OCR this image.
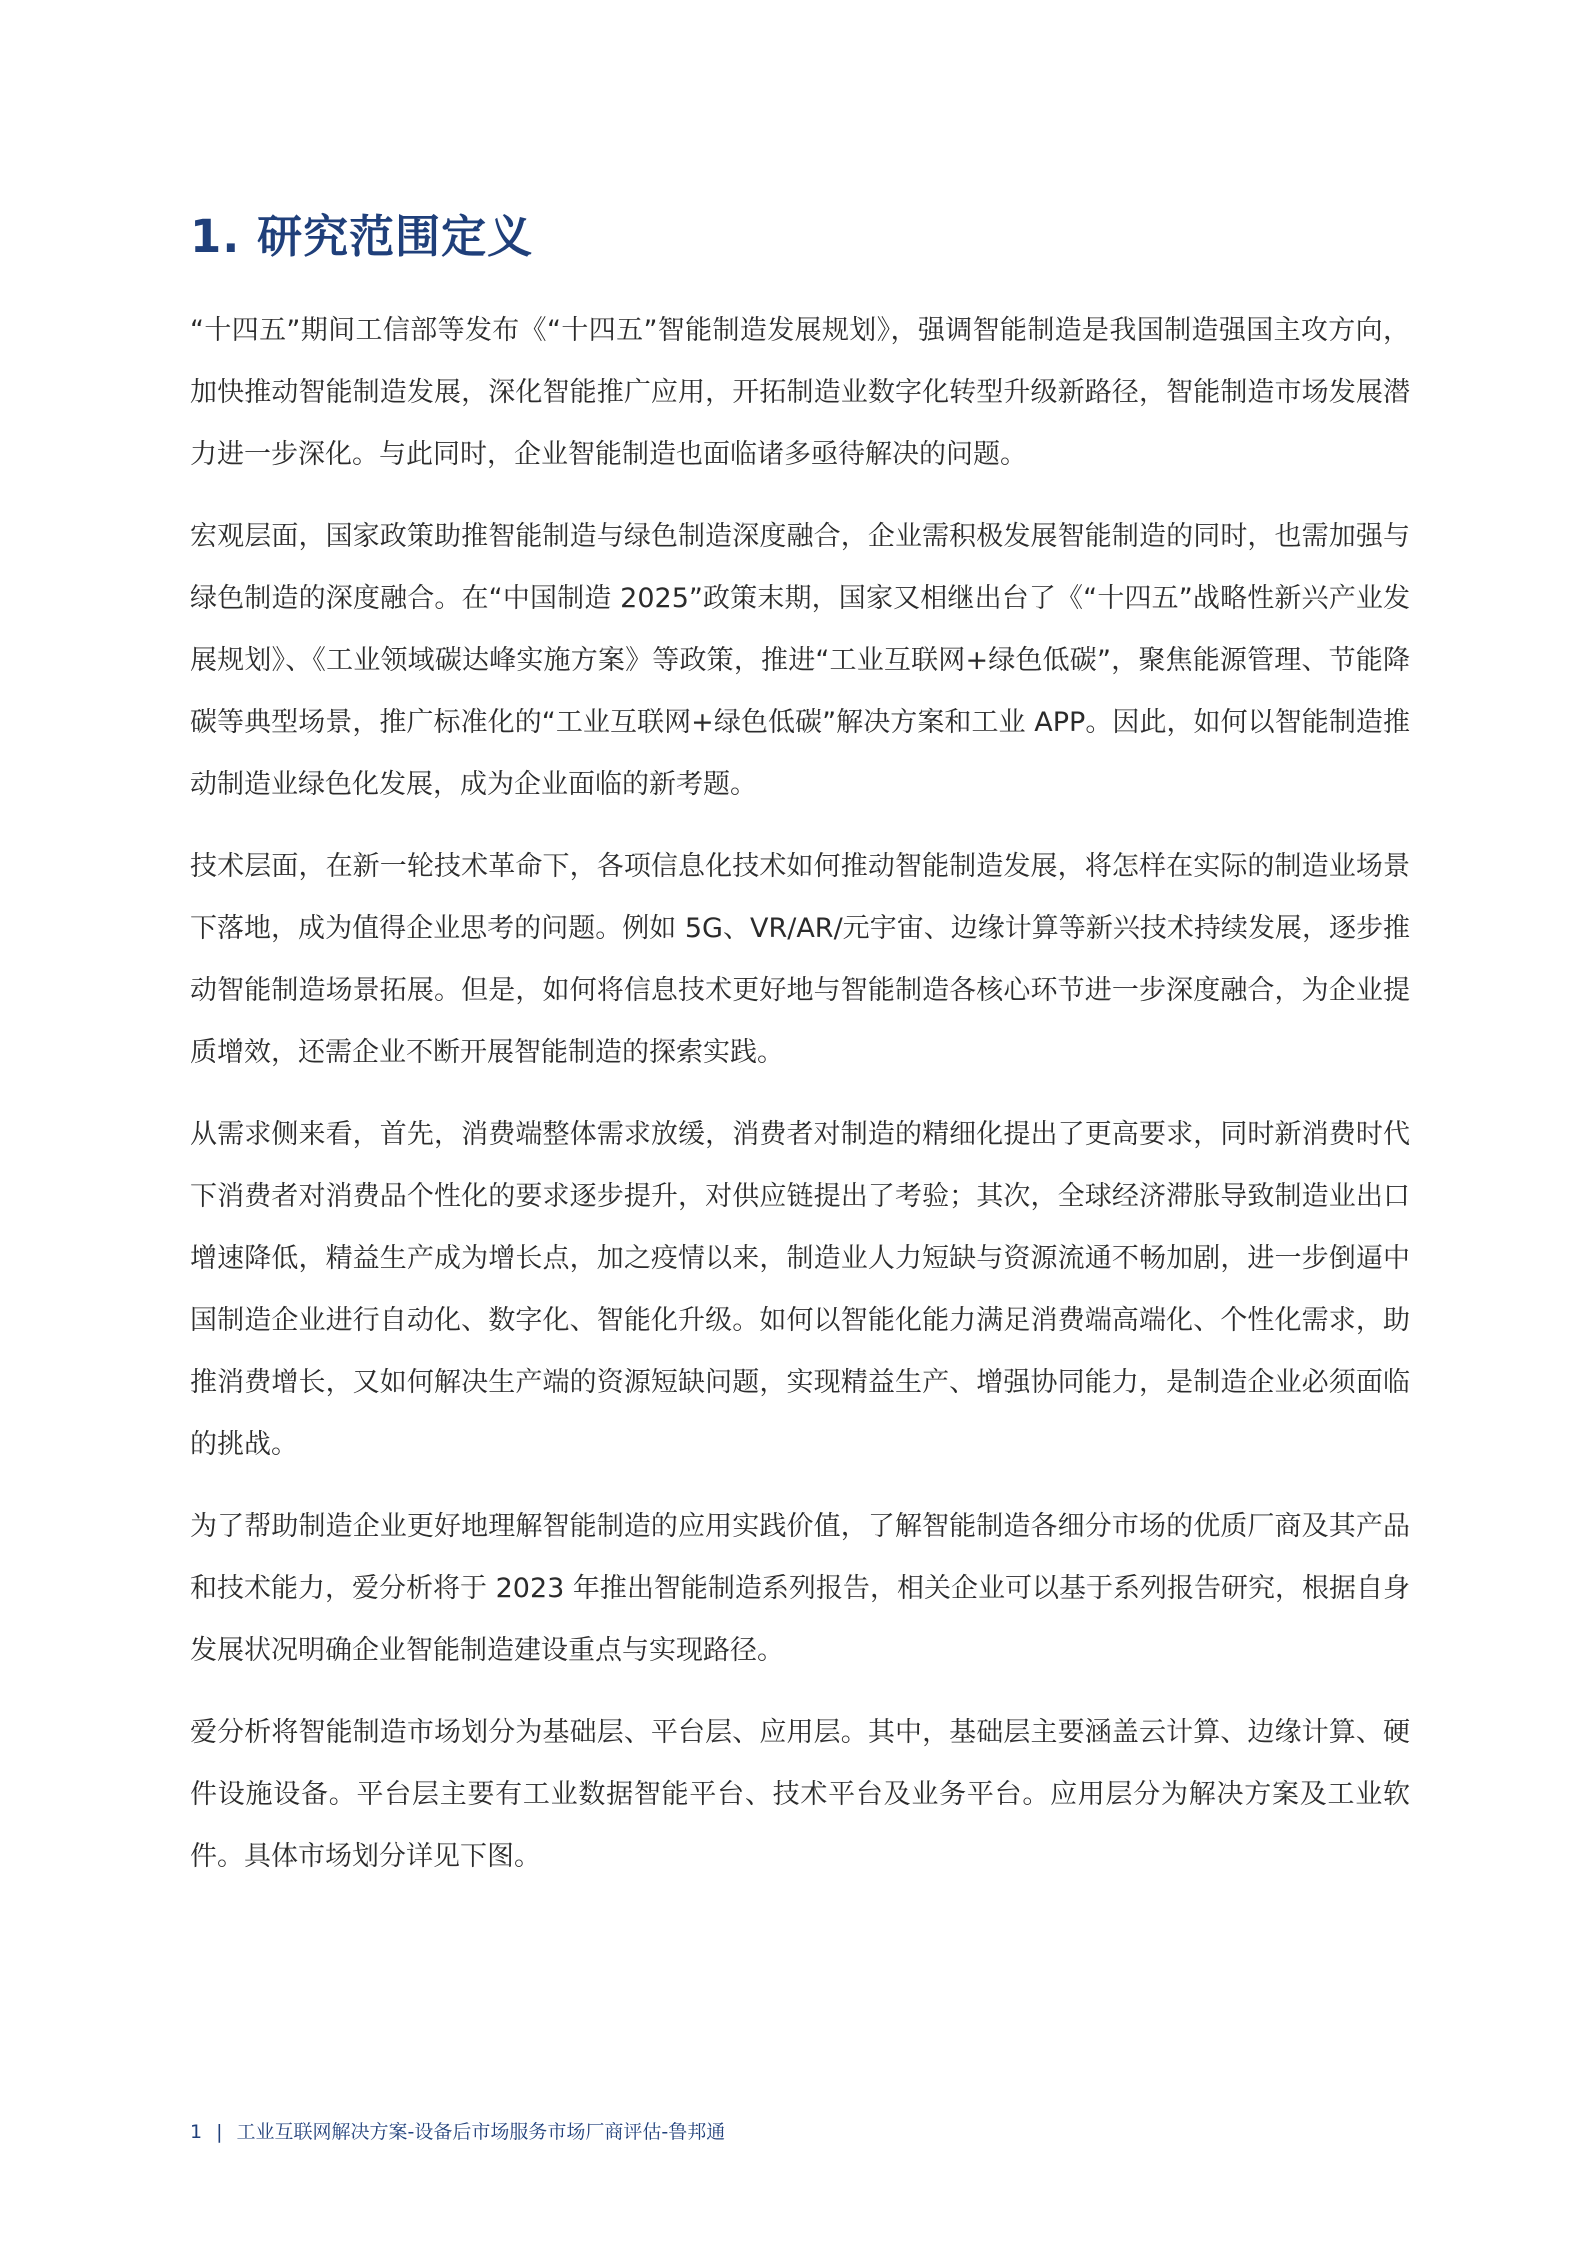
1. 研究范围定义

“十四五”期间工信部等发布《“十四五”智能制造发展规划》，强调智能制造是我国制造强国主攻方向，加快推动智能制造发展，深化智能推广应用，开拓制造业数字化转型升级新路径，智能制造市场发展潜力进一步深化。与此同时，企业智能制造也面临诸多亟待解决的问题。

宏观层面，国家政策助推智能制造与绿色制造深度融合，企业需积极发展智能制造的同时，也需加强与绿色制造的深度融合。在“中国制造 2025”政策末期，国家又相继出台了《“十四五”战略性新兴产业发展规划》、《工业领域碳达峰实施方案》等政策，推进“工业互联网+绿色低碳”，聚焦能源管理、节能降碳等典型场景，推广标准化的“工业互联网+绿色低碳”解决方案和工业 APP。因此，如何以智能制造推动制造业绿色化发展，成为企业面临的新考题。

技术层面，在新一轮技术革命下，各项信息化技术如何推动智能制造发展，将怎样在实际的制造业场景下落地，成为值得企业思考的问题。例如 5G、VR/AR/元宇宙、边缘计算等新兴技术持续发展，逐步推动智能制造场景拓展。但是，如何将信息技术更好地与智能制造各核心环节进一步深度融合，为企业提质增效，还需企业不断开展智能制造的探索实践。

从需求侧来看，首先，消费端整体需求放缓，消费者对制造的精细化提出了更高要求，同时新消费时代下消费者对消费品个性化的要求逐步提升，对供应链提出了考验；其次，全球经济滞胀导致制造业出口增速降低，精益生产成为增长点，加之疫情以来，制造业人力短缺与资源流通不畅加剧，进一步倒逼中国制造企业进行自动化、数字化、智能化升级。如何以智能化能力满足消费端高端化、个性化需求，助推消费增长，又如何解决生产端的资源短缺问题，实现精益生产、增强协同能力，是制造企业必须面临的挑战。

为了帮助制造企业更好地理解智能制造的应用实践价值，了解智能制造各细分市场的优质厂商及其产品和技术能力，爱分析将于 2023 年推出智能制造系列报告，相关企业可以基于系列报告研究，根据自身发展状况明确企业智能制造建设重点与实现路径。

爱分析将智能制造市场划分为基础层、平台层、应用层。其中，基础层主要涵盖云计算、边缘计算、硬件设施设备。平台层主要有工业数据智能平台、技术平台及业务平台。应用层分为解决方案及工业软件。具体市场划分详见下图。

1 | 工业互联网解决方案-设备后市场服务市场厂商评估-鲁邦通
